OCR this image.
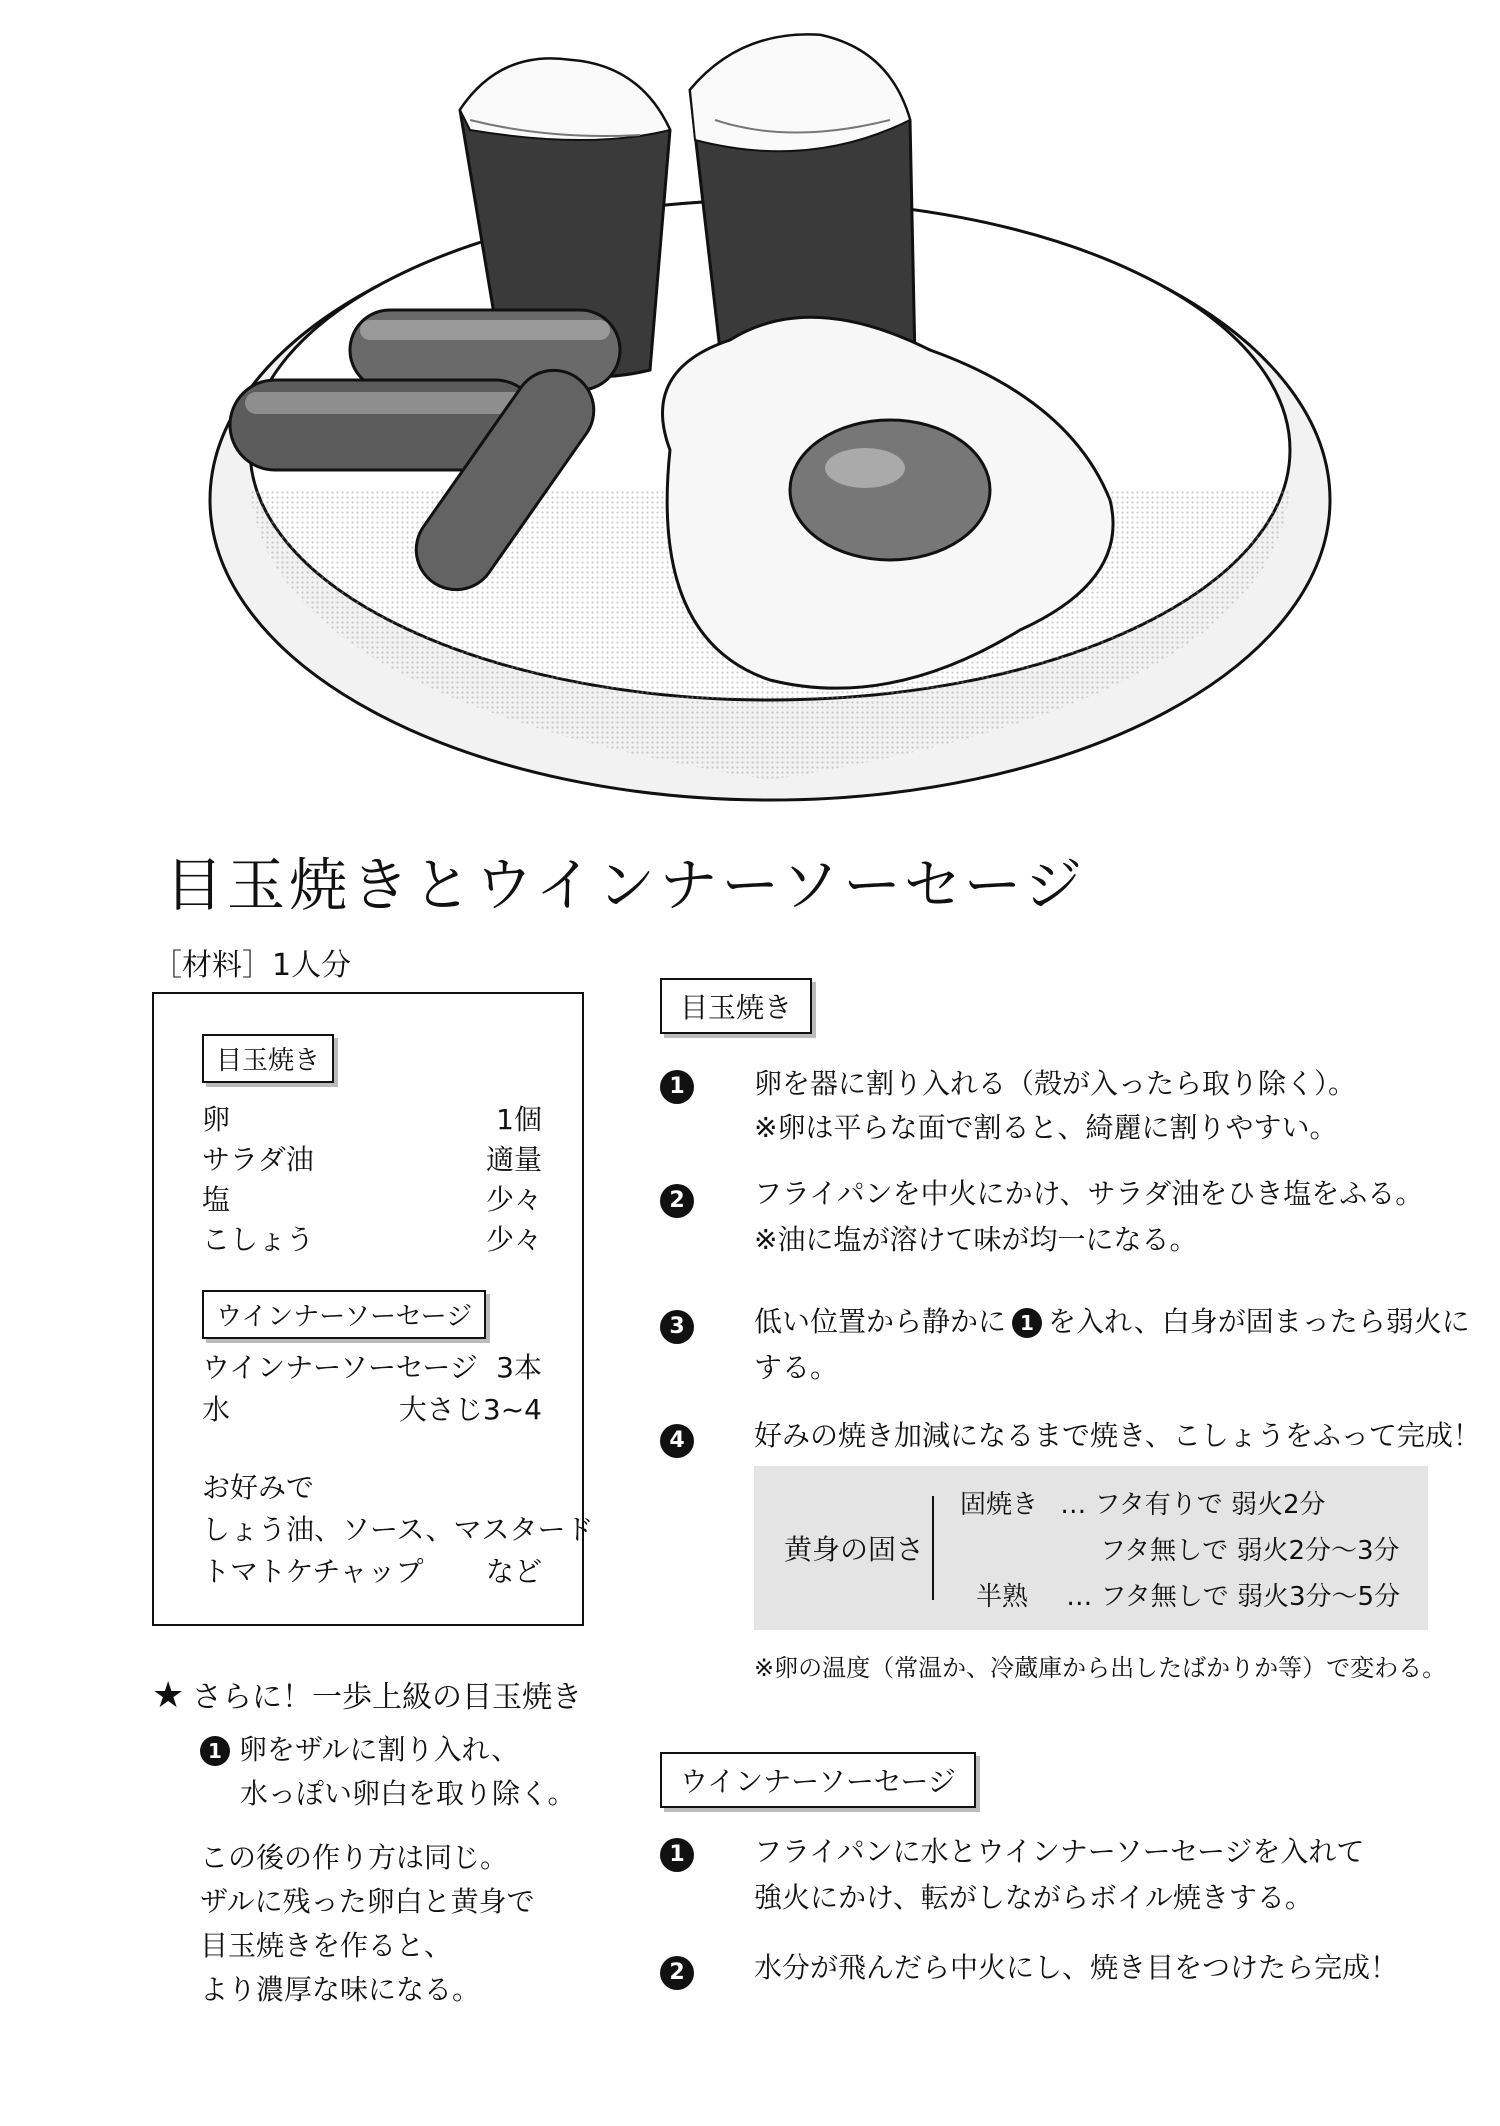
目玉焼きとウインナーソーセージ
［材料］1人分
目玉焼き
卵	1個
サラダ油	適量
塩	少々
こしょう	少々
ウインナーソーセージ
ウインナーソーセージ 3本
水	大さじ3~4
お好みで
しょう油、ソース、マスタード
トマトケチャップ など
★ さらに！一歩上級の目玉焼き
1 卵をザルに割り入れ、
水っぽい卵白を取り除く。
この後の作り方は同じ。
ザルに残った卵白と黄身で
目玉焼きを作ると、
より濃厚な味になる。
目玉焼き
1	卵を器に割り入れる（殻が入ったら取り除く）。
※卵は平らな面で割ると、綺麗に割りやすい。
2	フライパンを中火にかけ、サラダ油をひき塩をふる。
※油に塩が溶けて味が均一になる。
3	低い位置から静かに 1 を入れ、白身が固まったら弱火に
する。
4	好みの焼き加減になるまで焼き、こしょうをふって完成！
黄身の固さ
固焼き … フタ有りで 弱火2分
フタ無しで 弱火2分～3分
半熟 … フタ無しで 弱火3分～5分
※卵の温度（常温か、冷蔵庫から出したばかりか等）で変わる。
ウインナーソーセージ
1	フライパンに水とウインナーソーセージを入れて
強火にかけ、転がしながらボイル焼きする。
2	水分が飛んだら中火にし、焼き目をつけたら完成！
